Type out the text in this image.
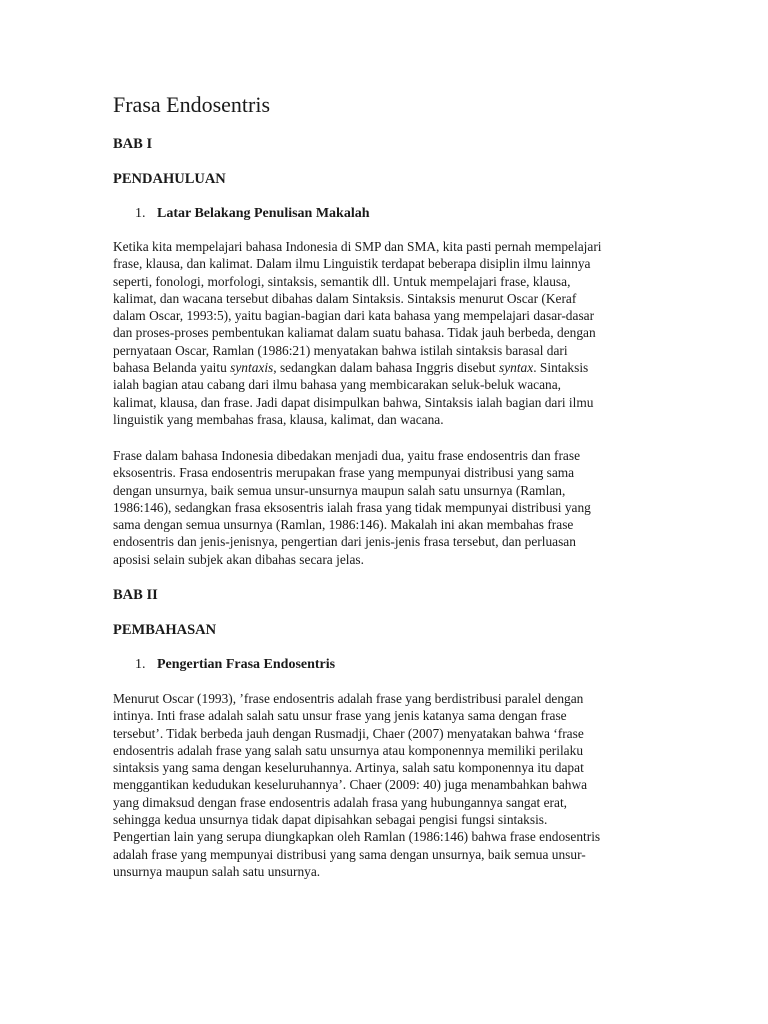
Frasa Endosentris
BAB I
PENDAHULUAN
1. Latar Belakang Penulisan Makalah
Ketika kita mempelajari bahasa Indonesia di SMP dan SMA, kita pasti pernah mempelajari
frase, klausa, dan kalimat. Dalam ilmu Linguistik terdapat beberapa disiplin ilmu lainnya
seperti, fonologi, morfologi, sintaksis, semantik dll. Untuk mempelajari frase, klausa,
kalimat, dan wacana tersebut dibahas dalam Sintaksis. Sintaksis menurut Oscar (Keraf
dalam Oscar, 1993:5), yaitu bagian-bagian dari kata bahasa yang mempelajari dasar-dasar
dan proses-proses pembentukan kaliamat dalam suatu bahasa. Tidak jauh berbeda, dengan
pernyataan Oscar, Ramlan (1986:21) menyatakan bahwa istilah sintaksis barasal dari
bahasa Belanda yaitu syntaxis, sedangkan dalam bahasa Inggris disebut syntax. Sintaksis
ialah bagian atau cabang dari ilmu bahasa yang membicarakan seluk-beluk wacana,
kalimat, klausa, dan frase. Jadi dapat disimpulkan bahwa, Sintaksis ialah bagian dari ilmu
linguistik yang membahas frasa, klausa, kalimat, dan wacana.
Frase dalam bahasa Indonesia dibedakan menjadi dua, yaitu frase endosentris dan frase
eksosentris. Frasa endosentris merupakan frase yang mempunyai distribusi yang sama
dengan unsurnya, baik semua unsur-unsurnya maupun salah satu unsurnya (Ramlan,
1986:146), sedangkan frasa eksosentris ialah frasa yang tidak mempunyai distribusi yang
sama dengan semua unsurnya (Ramlan, 1986:146). Makalah ini akan membahas frase
endosentris dan jenis-jenisnya, pengertian dari jenis-jenis frasa tersebut, dan perluasan
aposisi selain subjek akan dibahas secara jelas.
BAB II
PEMBAHASAN
1. Pengertian Frasa Endosentris
Menurut Oscar (1993), ’frase endosentris adalah frase yang berdistribusi paralel dengan
intinya. Inti frase adalah salah satu unsur frase yang jenis katanya sama dengan frase
tersebut’. Tidak berbeda jauh dengan Rusmadji, Chaer (2007) menyatakan bahwa ‘frase
endosentris adalah frase yang salah satu unsurnya atau komponennya memiliki perilaku
sintaksis yang sama dengan keseluruhannya. Artinya, salah satu komponennya itu dapat
menggantikan kedudukan keseluruhannya’. Chaer (2009: 40) juga menambahkan bahwa
yang dimaksud dengan frase endosentris adalah frasa yang hubungannya sangat erat,
sehingga kedua unsurnya tidak dapat dipisahkan sebagai pengisi fungsi sintaksis.
Pengertian lain yang serupa diungkapkan oleh Ramlan (1986:146) bahwa frase endosentris
adalah frase yang mempunyai distribusi yang sama dengan unsurnya, baik semua unsur-
unsurnya maupun salah satu unsurnya.
